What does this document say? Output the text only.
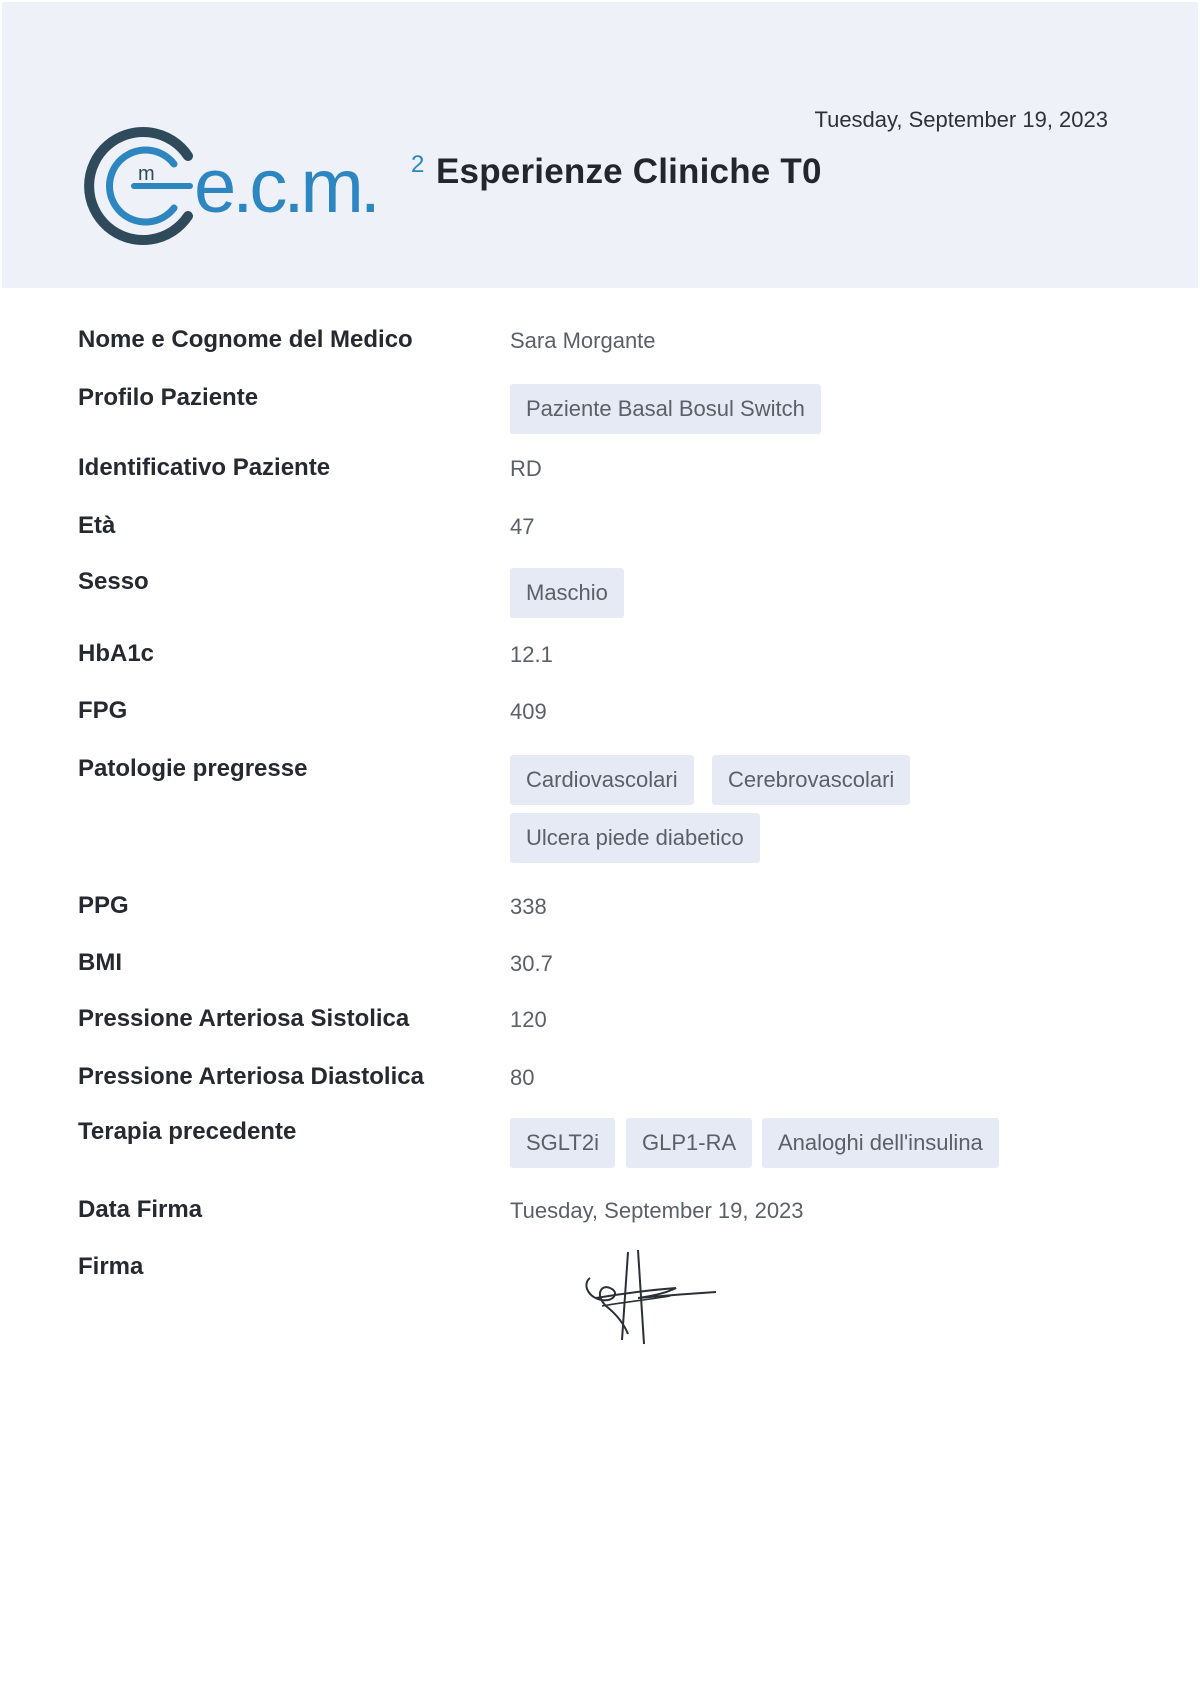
Tuesday, September 19, 2023
m e.c.m. 2 Esperienze Cliniche T0
Nome e Cognome del Medico	Sara Morgante
Profilo Paziente	Paziente Basal Bosul Switch
Identificativo Paziente	RD
Età	47
Sesso	Maschio
HbA1c	12.1
FPG	409
Patologie pregresse	Cardiovascolari	Cerebrovascolari
Ulcera piede diabetico
PPG	338
BMI	30.7
Pressione Arteriosa Sistolica	120
Pressione Arteriosa Diastolica	80
Terapia precedente	SGLT2i	GLP1-RA	Analoghi dell'insulina
Data Firma	Tuesday, September 19, 2023
Firma
